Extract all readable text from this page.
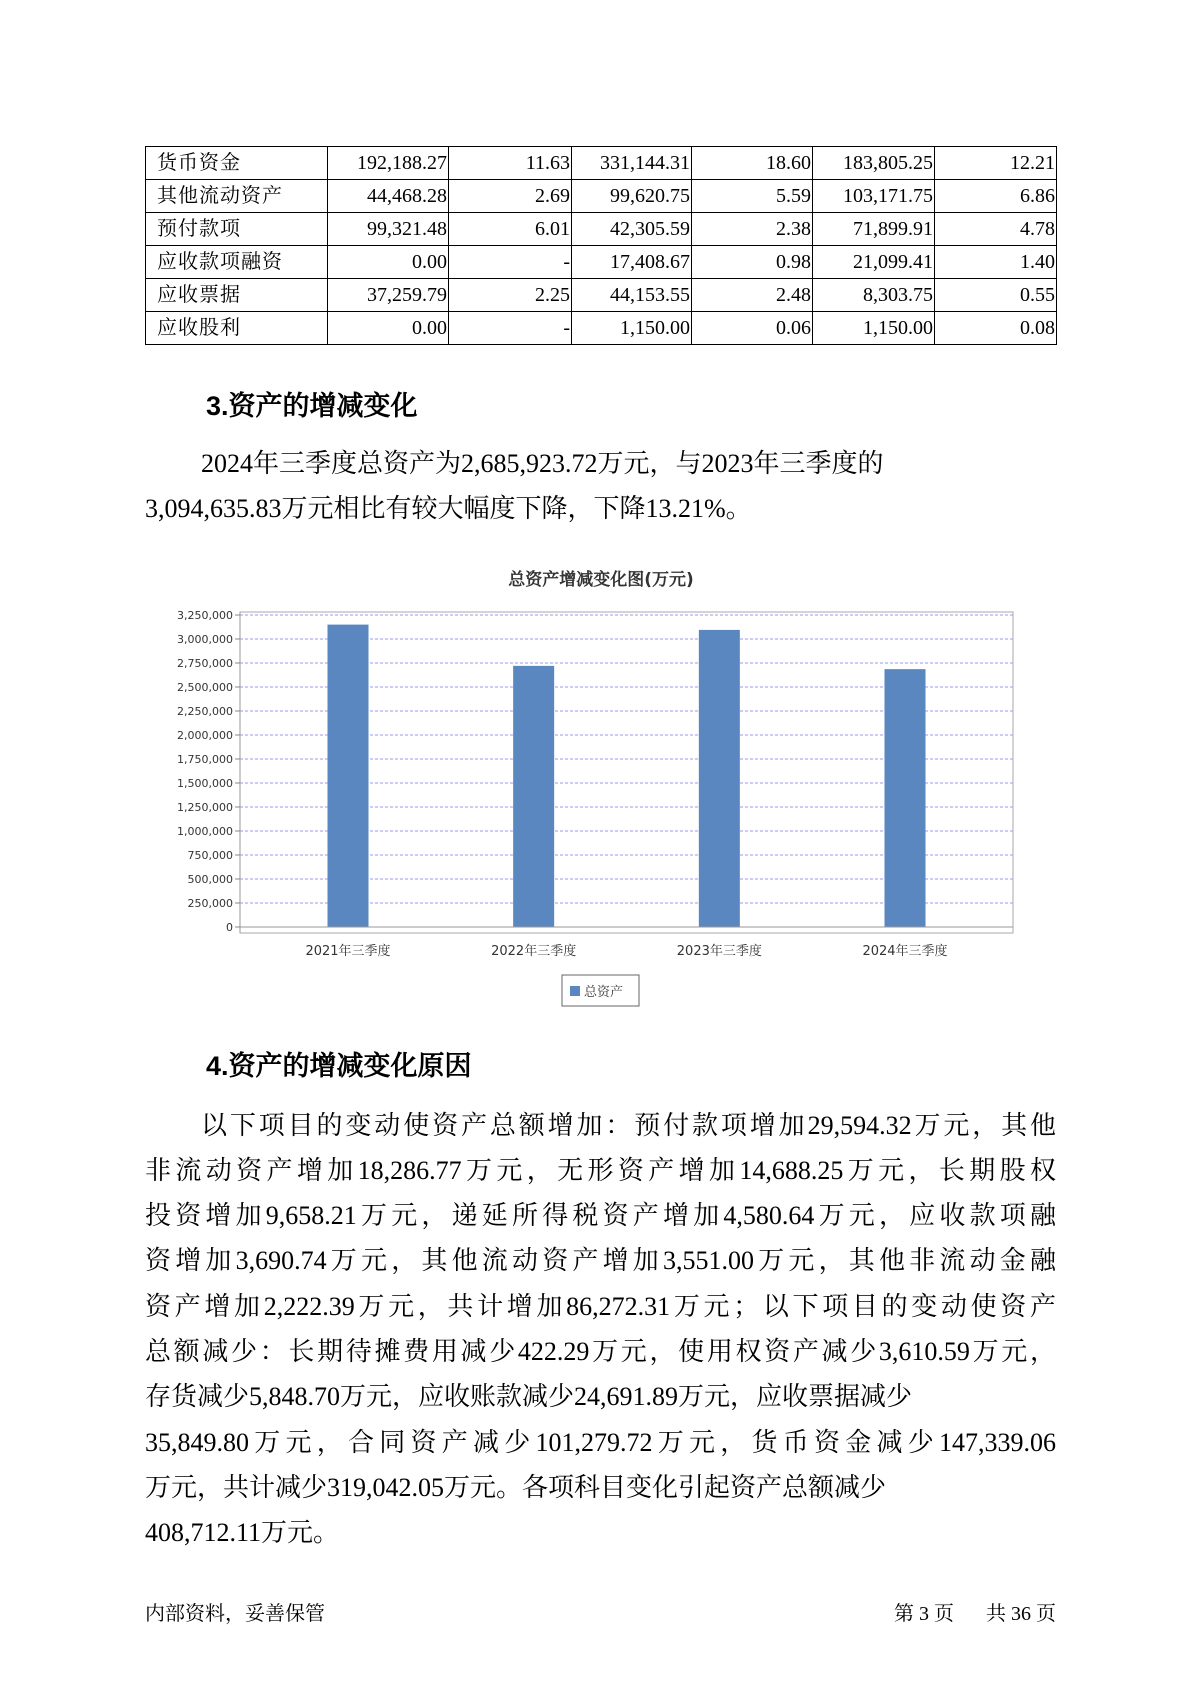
货币资金	192,188.27	11.63	331,144.31	18.60	183,805.25	12.21
其他流动资产	44,468.28	2.69	99,620.75	5.59	103,171.75	6.86
预付款项	99,321.48	6.01	42,305.59	2.38	71,899.91	4.78
应收款项融资	0.00	-	17,408.67	0.98	21,099.41	1.40
应收票据	37,259.79	2.25	44,153.55	2.48	8,303.75	0.55
应收股利	0.00	-	1,150.00	0.06	1,150.00	0.08
3.资产的增减变化
2024年三季度总资产为2,685,923.72万元，与2023年三季度的
3,094,635.83万元相比有较大幅度下降，下降13.21%。
总资产增减变化图(万元)
0
250,000
500,000
750,000
1,000,000
1,250,000
1,500,000
1,750,000
2,000,000
2,250,000
2,500,000
2,750,000
3,000,000
3,250,000
2021年三季度	2022年三季度	2023年三季度	2024年三季度
总资产
4.资产的增减变化原因
以下项目的变动使资产总额增加：预付款项增加29,594.32万元，其他
非流动资产增加18,286.77万元，无形资产增加14,688.25万元，长期股权
投资增加9,658.21万元，递延所得税资产增加4,580.64万元，应收款项融
资增加3,690.74万元，其他流动资产增加3,551.00万元，其他非流动金融
资产增加2,222.39万元，共计增加86,272.31万元；以下项目的变动使资产
总额减少：长期待摊费用减少422.29万元，使用权资产减少3,610.59万元，
存货减少5,848.70万元，应收账款减少24,691.89万元，应收票据减少
35,849.80万元，合同资产减少101,279.72万元，货币资金减少147,339.06
万元，共计减少319,042.05万元。各项科目变化引起资产总额减少
408,712.11万元。
内部资料，妥善保管	第 3 页 共 36 页
